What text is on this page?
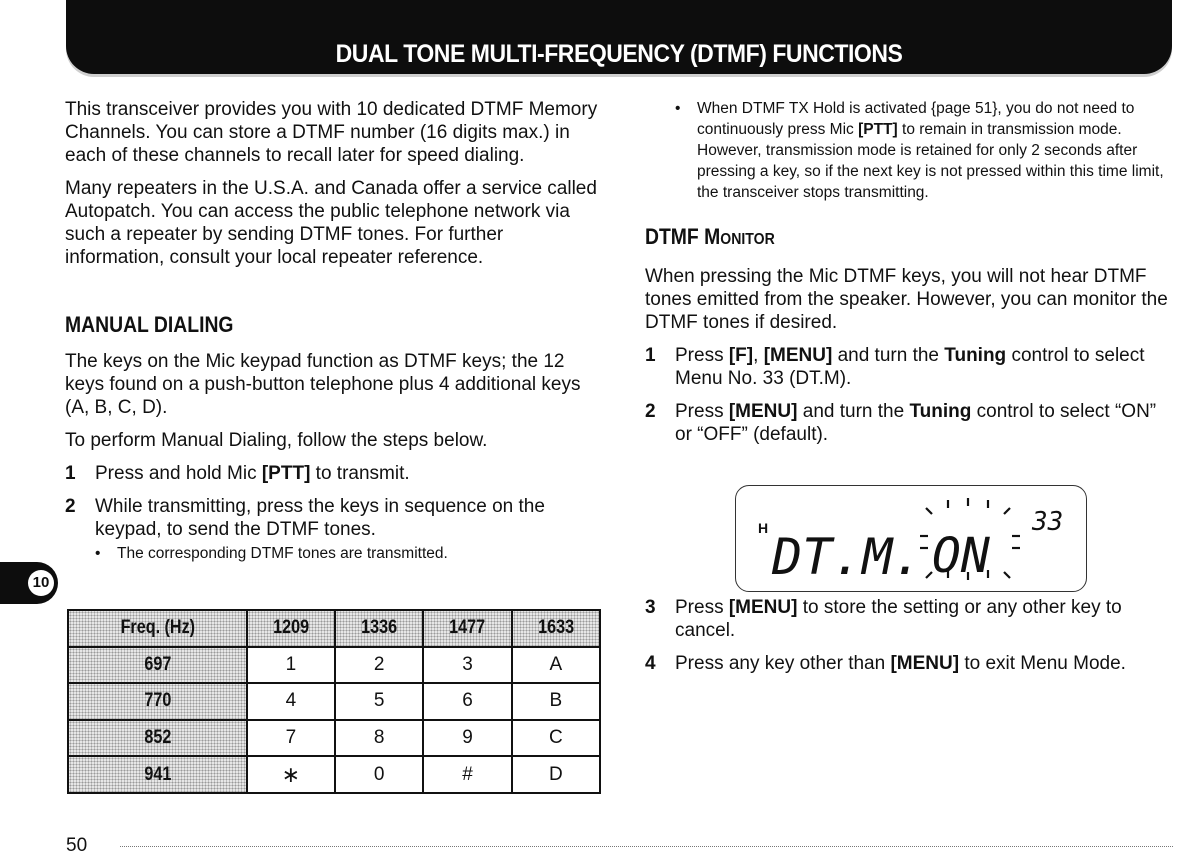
DUAL TONE MULTI-FREQUENCY (DTMF) FUNCTIONS
10

This transceiver provides you with 10 dedicated DTMF Memory Channels. You can store a DTMF number (16 digits max.) in each of these channels to recall later for speed dialing.

Many repeaters in the U.S.A. and Canada offer a service called Autopatch. You can access the public telephone network via such a repeater by sending DTMF tones. For further information, consult your local repeater reference.

MANUAL DIALING

The keys on the Mic keypad function as DTMF keys; the 12 keys found on a push-button telephone plus 4 additional keys (A, B, C, D).

To perform Manual Dialing, follow the steps below.

1 Press and hold Mic [PTT] to transmit.
2 While transmitting, press the keys in sequence on the keypad, to send the DTMF tones.
•	The corresponding DTMF tones are transmitted.
Freq. (Hz)	1209	1336	1477	1633
697	1	2	3	A
770	4	5	6	B
852	7	8	9	C
941	∗	0	#	D
•	When DTMF TX Hold is activated {page 51}, you do not need to continuously press Mic [PTT] to remain in transmission mode. However, transmission mode is retained for only 2 seconds after pressing a key, so if the next key is not pressed within this time limit, the transceiver stops transmitting.

DTMF MONITOR

When pressing the Mic DTMF keys, you will not hear DTMF tones emitted from the speaker. However, you can monitor the DTMF tones if desired.

1 Press [F], [MENU] and turn the Tuning control to select Menu No. 33 (DT.M).
2 Press [MENU] and turn the Tuning control to select “ON” or “OFF” (default).
3 Press [MENU] to store the setting or any other key to cancel.
4 Press any key other than [MENU] to exit Menu Mode.
H DT.M. ON
33
50
